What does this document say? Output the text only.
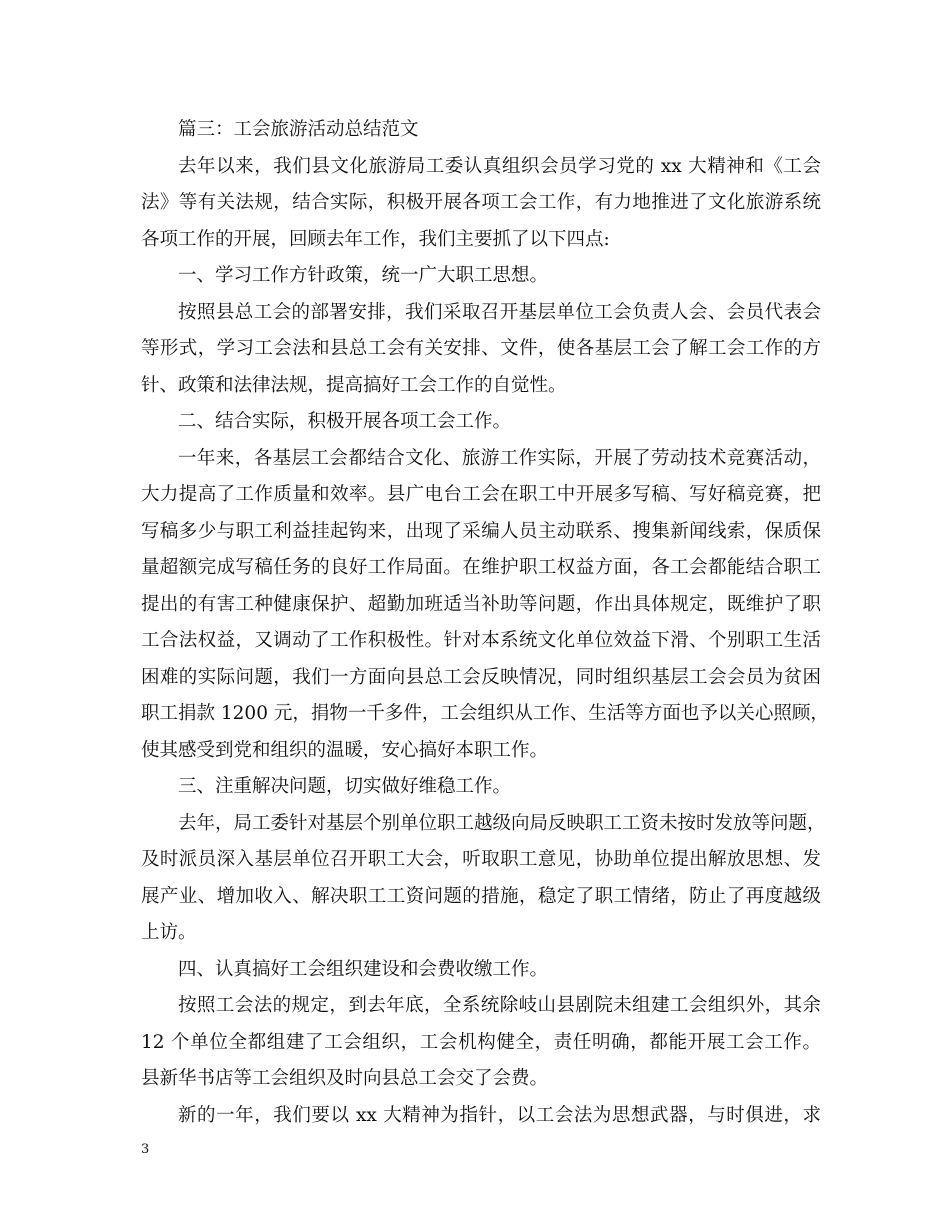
篇三：工会旅游活动总结范文
去年以来，我们县文化旅游局工委认真组织会员学习党的 xx 大精神和《工会
法》等有关法规，结合实际，积极开展各项工会工作，有力地推进了文化旅游系统
各项工作的开展，回顾去年工作，我们主要抓了以下四点:
一、学习工作方针政策，统一广大职工思想。
按照县总工会的部署安排，我们采取召开基层单位工会负责人会、会员代表会
等形式，学习工会法和县总工会有关安排、文件，使各基层工会了解工会工作的方
针、政策和法律法规，提高搞好工会工作的自觉性。
二、结合实际，积极开展各项工会工作。
一年来，各基层工会都结合文化、旅游工作实际，开展了劳动技术竞赛活动，
大力提高了工作质量和效率。县广电台工会在职工中开展多写稿、写好稿竞赛，把
写稿多少与职工利益挂起钩来，出现了采编人员主动联系、搜集新闻线索，保质保
量超额完成写稿任务的良好工作局面。在维护职工权益方面，各工会都能结合职工
提出的有害工种健康保护、超勤加班适当补助等问题，作出具体规定，既维护了职
工合法权益，又调动了工作积极性。针对本系统文化单位效益下滑、个别职工生活
困难的实际问题，我们一方面向县总工会反映情况，同时组织基层工会会员为贫困
职工捐款 1200 元，捐物一千多件，工会组织从工作、生活等方面也予以关心照顾，
使其感受到党和组织的温暖，安心搞好本职工作。
三、注重解决问题，切实做好维稳工作。
去年，局工委针对基层个别单位职工越级向局反映职工工资未按时发放等问题，
及时派员深入基层单位召开职工大会，听取职工意见，协助单位提出解放思想、发
展产业、增加收入、解决职工工资问题的措施，稳定了职工情绪，防止了再度越级
上访。
四、认真搞好工会组织建设和会费收缴工作。
按照工会法的规定，到去年底，全系统除岐山县剧院未组建工会组织外，其余
12 个单位全都组建了工会组织，工会机构健全，责任明确，都能开展工会工作。
县新华书店等工会组织及时向县总工会交了会费。
新的一年，我们要以 xx 大精神为指针，以工会法为思想武器，与时俱进，求
3
